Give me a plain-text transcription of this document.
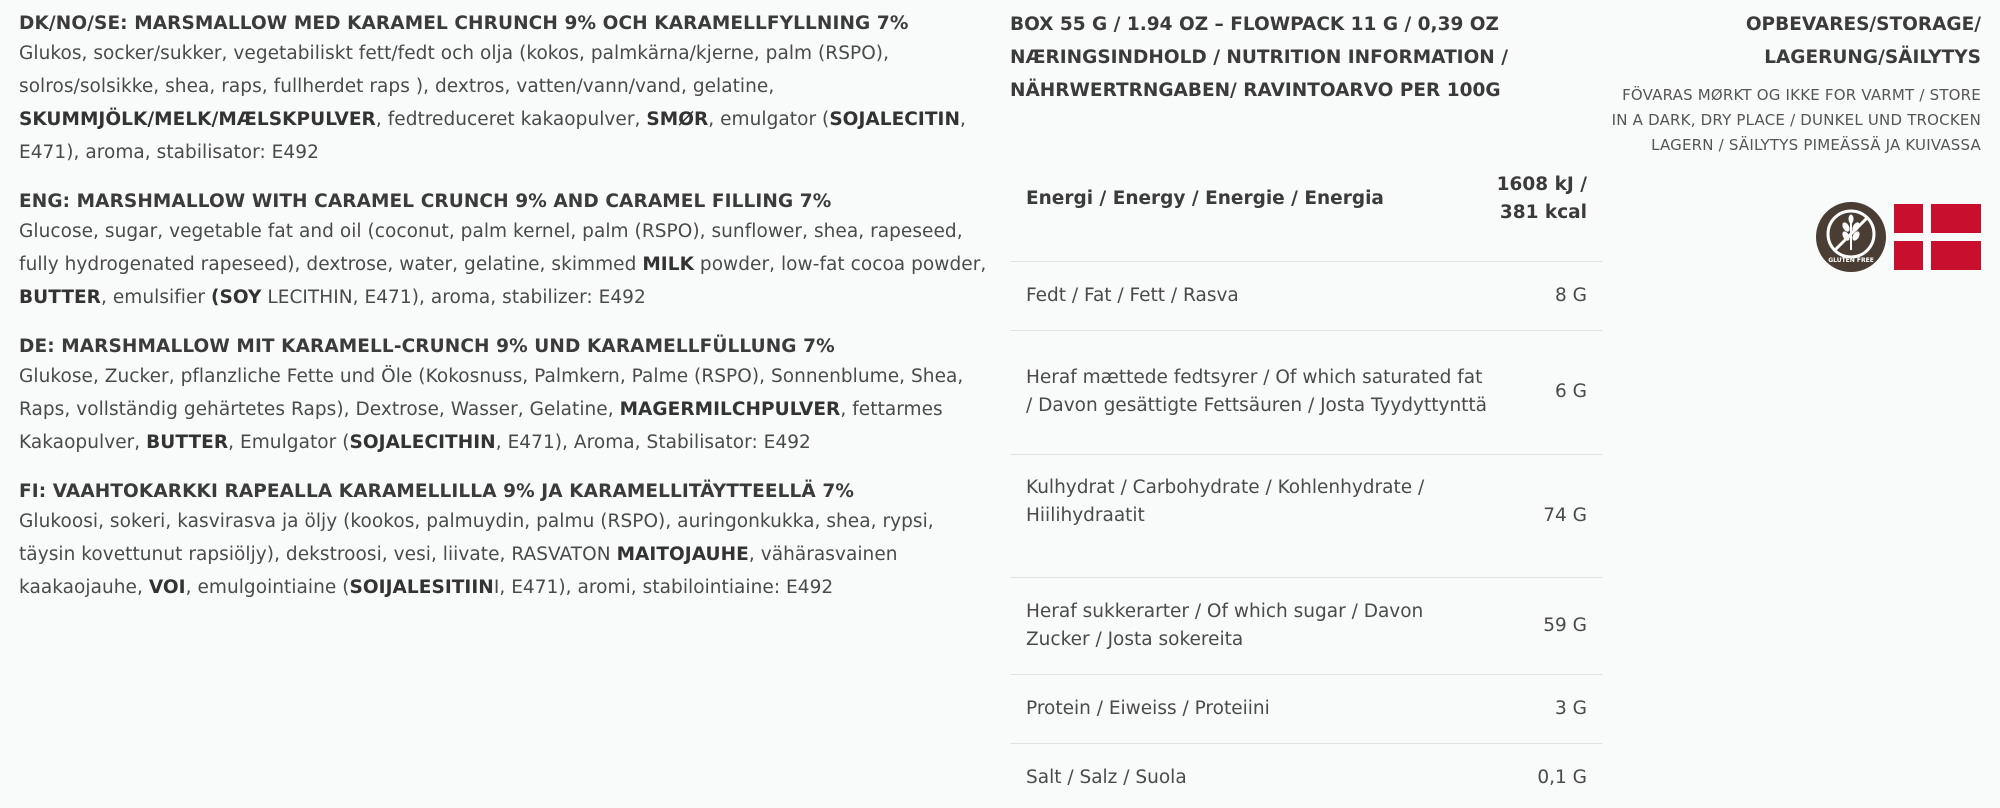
DK/NO/SE: MARSMALLOW MED KARAMEL CHRUNCH 9% OCH KARAMELLFYLLNING 7%
Glukos, socker/sukker, vegetabiliskt fett/fedt och olja (kokos, palmkärna/kjerne, palm (RSPO), solros/solsikke, shea, raps, fullherdet raps ), dextros, vatten/vann/vand, gelatine, SKUMMJÖLK/MELK/MÆLSKPULVER, fedtreduceret kakaopulver, SMØR, emulgator (SOJALECITIN, E471), aroma, stabilisator: E492
ENG: MARSHMALLOW WITH CARAMEL CRUNCH 9% AND CARAMEL FILLING 7%
Glucose, sugar, vegetable fat and oil (coconut, palm kernel, palm (RSPO), sunflower, shea, rapeseed, fully hydrogenated rapeseed), dextrose, water, gelatine, skimmed MILK powder, low-fat cocoa powder, BUTTER, emulsifier (SOY LECITHIN, E471), aroma, stabilizer: E492
DE: MARSHMALLOW MIT KARAMELL-CRUNCH 9% UND KARAMELLFÜLLUNG 7%
Glukose, Zucker, pflanzliche Fette und Öle (Kokosnuss, Palmkern, Palme (RSPO), Sonnenblume, Shea, Raps, vollständig gehärtetes Raps), Dextrose, Wasser, Gelatine, MAGERMILCHPULVER, fettarmes Kakaopulver, BUTTER, Emulgator (SOJALECITHIN, E471), Aroma, Stabilisator: E492
FI: VAAHTOKARKKI RAPEALLA KARAMELLILLA 9% JA KARAMELLITÄYTTEELLÄ 7%
Glukoosi, sokeri, kasvirasva ja öljy (kookos, palmuydin, palmu (RSPO), auringonkukka, shea, rypsi, täysin kovettunut rapsiöljy), dekstroosi, vesi, liivate, RASVATON MAITOJAUHE, vähärasvainen kaakaojauhe, VOI, emulgointiaine (SOIJALESITIINI, E471), aromi, stabilointiaine: E492
BOX 55 G / 1.94 OZ – FLOWPACK 11 G / 0,39 OZ NÆRINGSINDHOLD / NUTRITION INFORMATION / NÄHRWERTRNGABEN/ RAVINTOARVO PER 100G
Energi / Energy / Energie / Energia	1608 kJ / 381 kcal
Fedt / Fat / Fett / Rasva	8 G
Heraf mættede fedtsyrer / Of which saturated fat / Davon gesättigte Fettsäuren / Josta Tyydyttynttä	6 G
Kulhydrat / Carbohydrate / Kohlenhydrate / Hiilihydraatit	74 G
Heraf sukkerarter / Of which sugar / Davon Zucker / Josta sokereita	59 G
Protein / Eiweiss / Proteiini	3 G
Salt / Salz / Suola	0,1 G
OPBEVARES/STORAGE/ LAGERUNG/SÄILYTYS
FÖVARAS MØRKT OG IKKE FOR VARMT / STORE IN A DARK, DRY PLACE / DUNKEL UND TROCKEN LAGERN / SÄILYTYS PIMEÄSSÄ JA KUIVASSA
GLUTEN FREE
